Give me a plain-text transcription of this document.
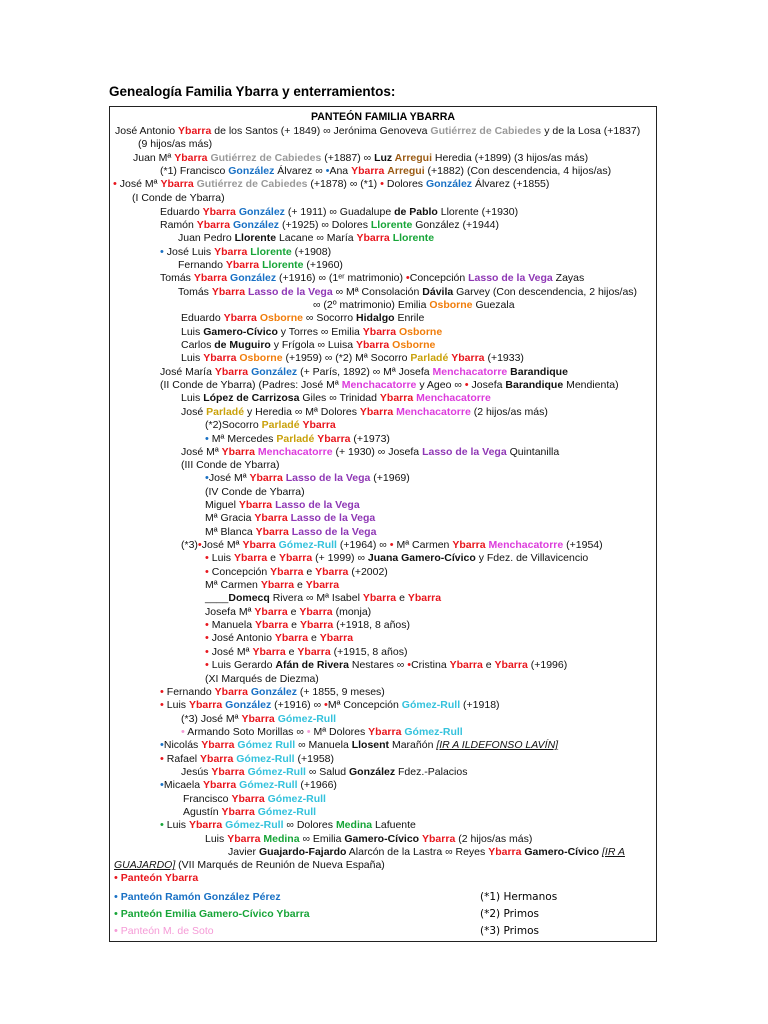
Genealogía Familia Ybarra y enterramientos:
PANTEÓN FAMILIA YBARRA
José Antonio Ybarra de los Santos (+ 1849) ∞ Jerónima Genoveva Gutiérrez de Cabiedes y de la Losa (+1837)
(9 hijos/as más)
Juan Mª Ybarra Gutiérrez de Cabiedes (+1887) ∞ Luz Arregui Heredia (+1899) (3 hijos/as más)
(*1) Francisco González Álvarez ∞ •Ana Ybarra Arregui (+1882) (Con descendencia, 4 hijos/as)
• José Mª Ybarra Gutiérrez de Cabiedes (+1878) ∞ (*1) • Dolores González Álvarez (+1855)
(I Conde de Ybarra)
Eduardo Ybarra González (+ 1911) ∞ Guadalupe de Pablo Llorente (+1930)
Ramón Ybarra González (+1925) ∞ Dolores Llorente González (+1944)
Juan Pedro Llorente Lacane ∞ María Ybarra Llorente
• José Luis Ybarra Llorente (+1908)
Fernando Ybarra Llorente (+1960)
Tomás Ybarra González (+1916) ∞ (1ᵉʳ matrimonio) •Concepción Lasso de la Vega Zayas
Tomás Ybarra Lasso de la Vega ∞ Mª Consolación Dávila Garvey (Con descendencia, 2 hijos/as)
∞ (2º matrimonio) Emilia Osborne Guezala
Eduardo Ybarra Osborne ∞ Socorro Hidalgo Enrile
Luis Gamero-Cívico y Torres ∞ Emilia Ybarra Osborne
Carlos de Muguiro y Frígola ∞ Luisa Ybarra Osborne
Luis Ybarra Osborne (+1959) ∞ (*2) Mª Socorro Parladé Ybarra (+1933)
José María Ybarra González (+ París, 1892) ∞ Mª Josefa Menchacatorre Barandique
(II Conde de Ybarra) (Padres: José Mª Menchacatorre y Ageo ∞ • Josefa Barandique Mendienta)
Luis López de Carrizosa Giles ∞ Trinidad Ybarra Menchacatorre
José Parladé y Heredia ∞ Mª Dolores Ybarra Menchacatorre (2 hijos/as más)
(*2)Socorro Parladé Ybarra
• Mª Mercedes Parladé Ybarra (+1973)
José Mª Ybarra Menchacatorre (+ 1930) ∞ Josefa Lasso de la Vega Quintanilla
(III Conde de Ybarra)
•José Mª Ybarra Lasso de la Vega (+1969)
(IV Conde de Ybarra)
Miguel Ybarra Lasso de la Vega
Mª Gracia Ybarra Lasso de la Vega
Mª Blanca Ybarra Lasso de la Vega
(*3)•José Mª Ybarra Gómez-Rull (+1964) ∞ • Mª Carmen Ybarra Menchacatorre (+1954)
• Luis Ybarra e Ybarra (+ 1999) ∞ Juana Gamero-Cívico y Fdez. de Villavicencio
• Concepción Ybarra e Ybarra (+2002)
Mª Carmen Ybarra e Ybarra
____Domecq Rivera ∞ Mª Isabel Ybarra e Ybarra
Josefa Mª Ybarra e Ybarra (monja)
• Manuela Ybarra e Ybarra (+1918, 8 años)
• José Antonio Ybarra e Ybarra
• José Mª Ybarra e Ybarra (+1915, 8 años)
• Luis Gerardo Afán de Rivera Nestares ∞ •Cristina Ybarra e Ybarra (+1996)
(XI Marqués de Diezma)
• Fernando Ybarra González (+ 1855, 9 meses)
• Luis Ybarra González (+1916) ∞ •Mª Concepción Gómez-Rull (+1918)
(*3) José Mª Ybarra Gómez-Rull
• Armando Soto Morillas ∞ • Mª Dolores Ybarra Gómez-Rull
•Nicolás Ybarra Gómez Rull ∞ Manuela Llosent Marañón [IR A ILDEFONSO LAVÍN]
• Rafael Ybarra Gómez-Rull (+1958)
Jesús Ybarra Gómez-Rull ∞ Salud González Fdez.-Palacios
•Micaela Ybarra Gómez-Rull (+1966)
Francisco Ybarra Gómez-Rull
Agustín Ybarra Gómez-Rull
• Luis Ybarra Gómez-Rull ∞ Dolores Medina Lafuente
Luis Ybarra Medina ∞ Emilia Gamero-Cívico Ybarra (2 hijos/as más)
Javier Guajardo-Fajardo Alarcón de la Lastra ∞ Reyes Ybarra Gamero-Cívico [IR A
GUAJARDO] (VII Marqués de Reunión de Nueva España)
• Panteón Ybarra
• Panteón Ramón González Pérez
• Panteón Emilia Gamero-Cívico Ybarra
• Panteón M. de Soto
(*1) Hermanos
(*2) Primos
(*3) Primos
